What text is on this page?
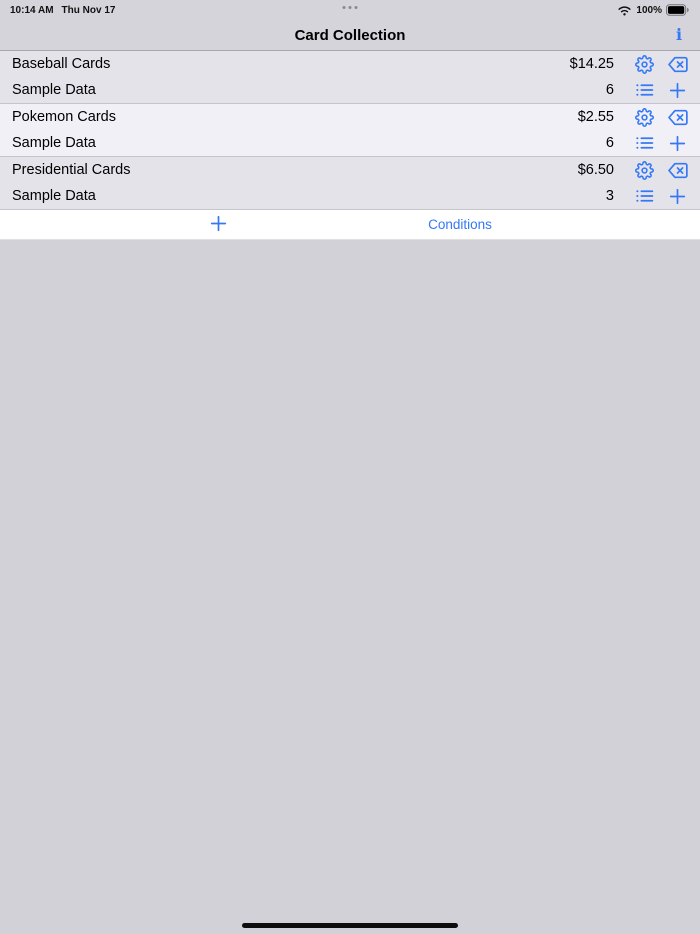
10:14 AM Thu Nov 17	100%
Card Collection	i
Baseball Cards	$14.25
Sample Data	6
Pokemon Cards	$2.55
Sample Data	6
Presidential Cards	$6.50
Sample Data	3
Conditions
